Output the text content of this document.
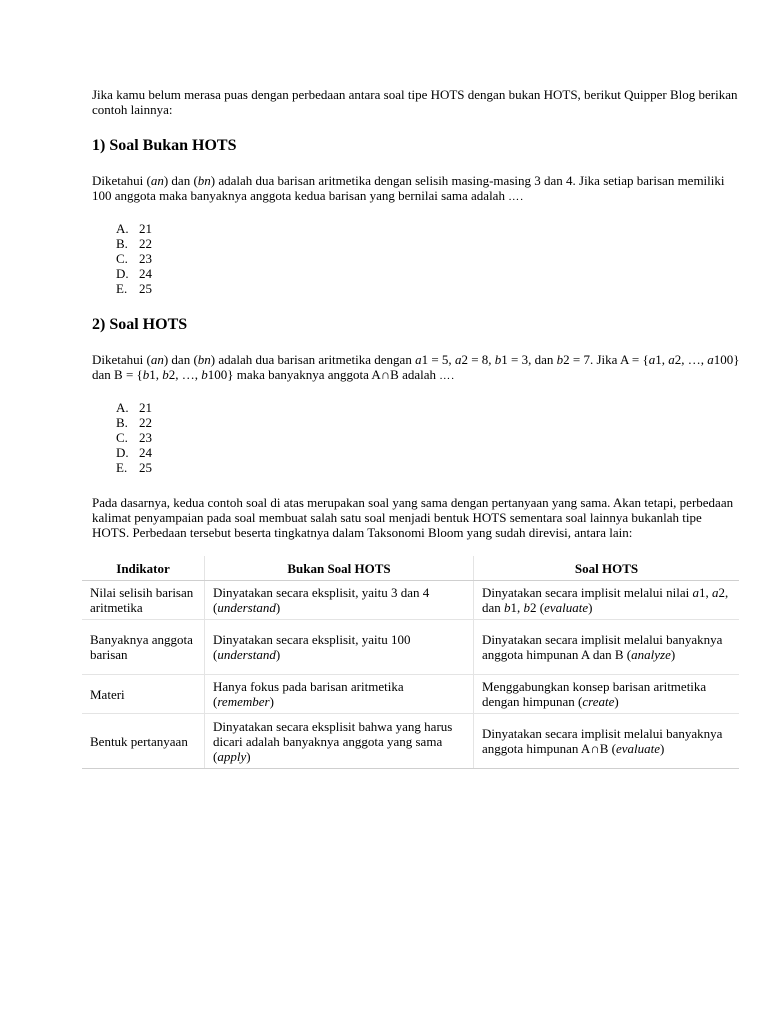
Jika kamu belum merasa puas dengan perbedaan antara soal tipe HOTS dengan bukan HOTS, berikut Quipper Blog berikan contoh lainnya:

1) Soal Bukan HOTS

Diketahui (an) dan (bn) adalah dua barisan aritmetika dengan selisih masing-masing 3 dan 4. Jika setiap barisan memiliki 100 anggota maka banyaknya anggota kedua barisan yang bernilai sama adalah ….

A. 21
B. 22
C. 23
D. 24
E. 25
2) Soal HOTS

Diketahui (an) dan (bn) adalah dua barisan aritmetika dengan a1 = 5, a2 = 8, b1 = 3, dan b2 = 7. Jika A = {a1, a2, …, a100} dan B = {b1, b2, …, b100} maka banyaknya anggota A∩B adalah ….

A. 21
B. 22
C. 23
D. 24
E. 25

Pada dasarnya, kedua contoh soal di atas merupakan soal yang sama dengan pertanyaan yang sama. Akan tetapi, perbedaan kalimat penyampaian pada soal membuat salah satu soal menjadi bentuk HOTS sementara soal lainnya bukanlah tipe HOTS. Perbedaan tersebut beserta tingkatnya dalam Taksonomi Bloom yang sudah direvisi, antara lain:

Indikator	Bukan Soal HOTS	Soal HOTS
Nilai selisih barisan aritmetika	Dinyatakan secara eksplisit, yaitu 3 dan 4 (understand)	Dinyatakan secara implisit melalui nilai a1, a2, dan b1, b2 (evaluate)
Banyaknya anggota barisan	Dinyatakan secara eksplisit, yaitu 100 (understand)	Dinyatakan secara implisit melalui banyaknya anggota himpunan A dan B (analyze)
Materi	Hanya fokus pada barisan aritmetika (remember)	Menggabungkan konsep barisan aritmetika dengan himpunan (create)
Bentuk pertanyaan	Dinyatakan secara eksplisit bahwa yang harus dicari adalah banyaknya anggota yang sama (apply)	Dinyatakan secara implisit melalui banyaknya anggota himpunan A∩B (evaluate)
